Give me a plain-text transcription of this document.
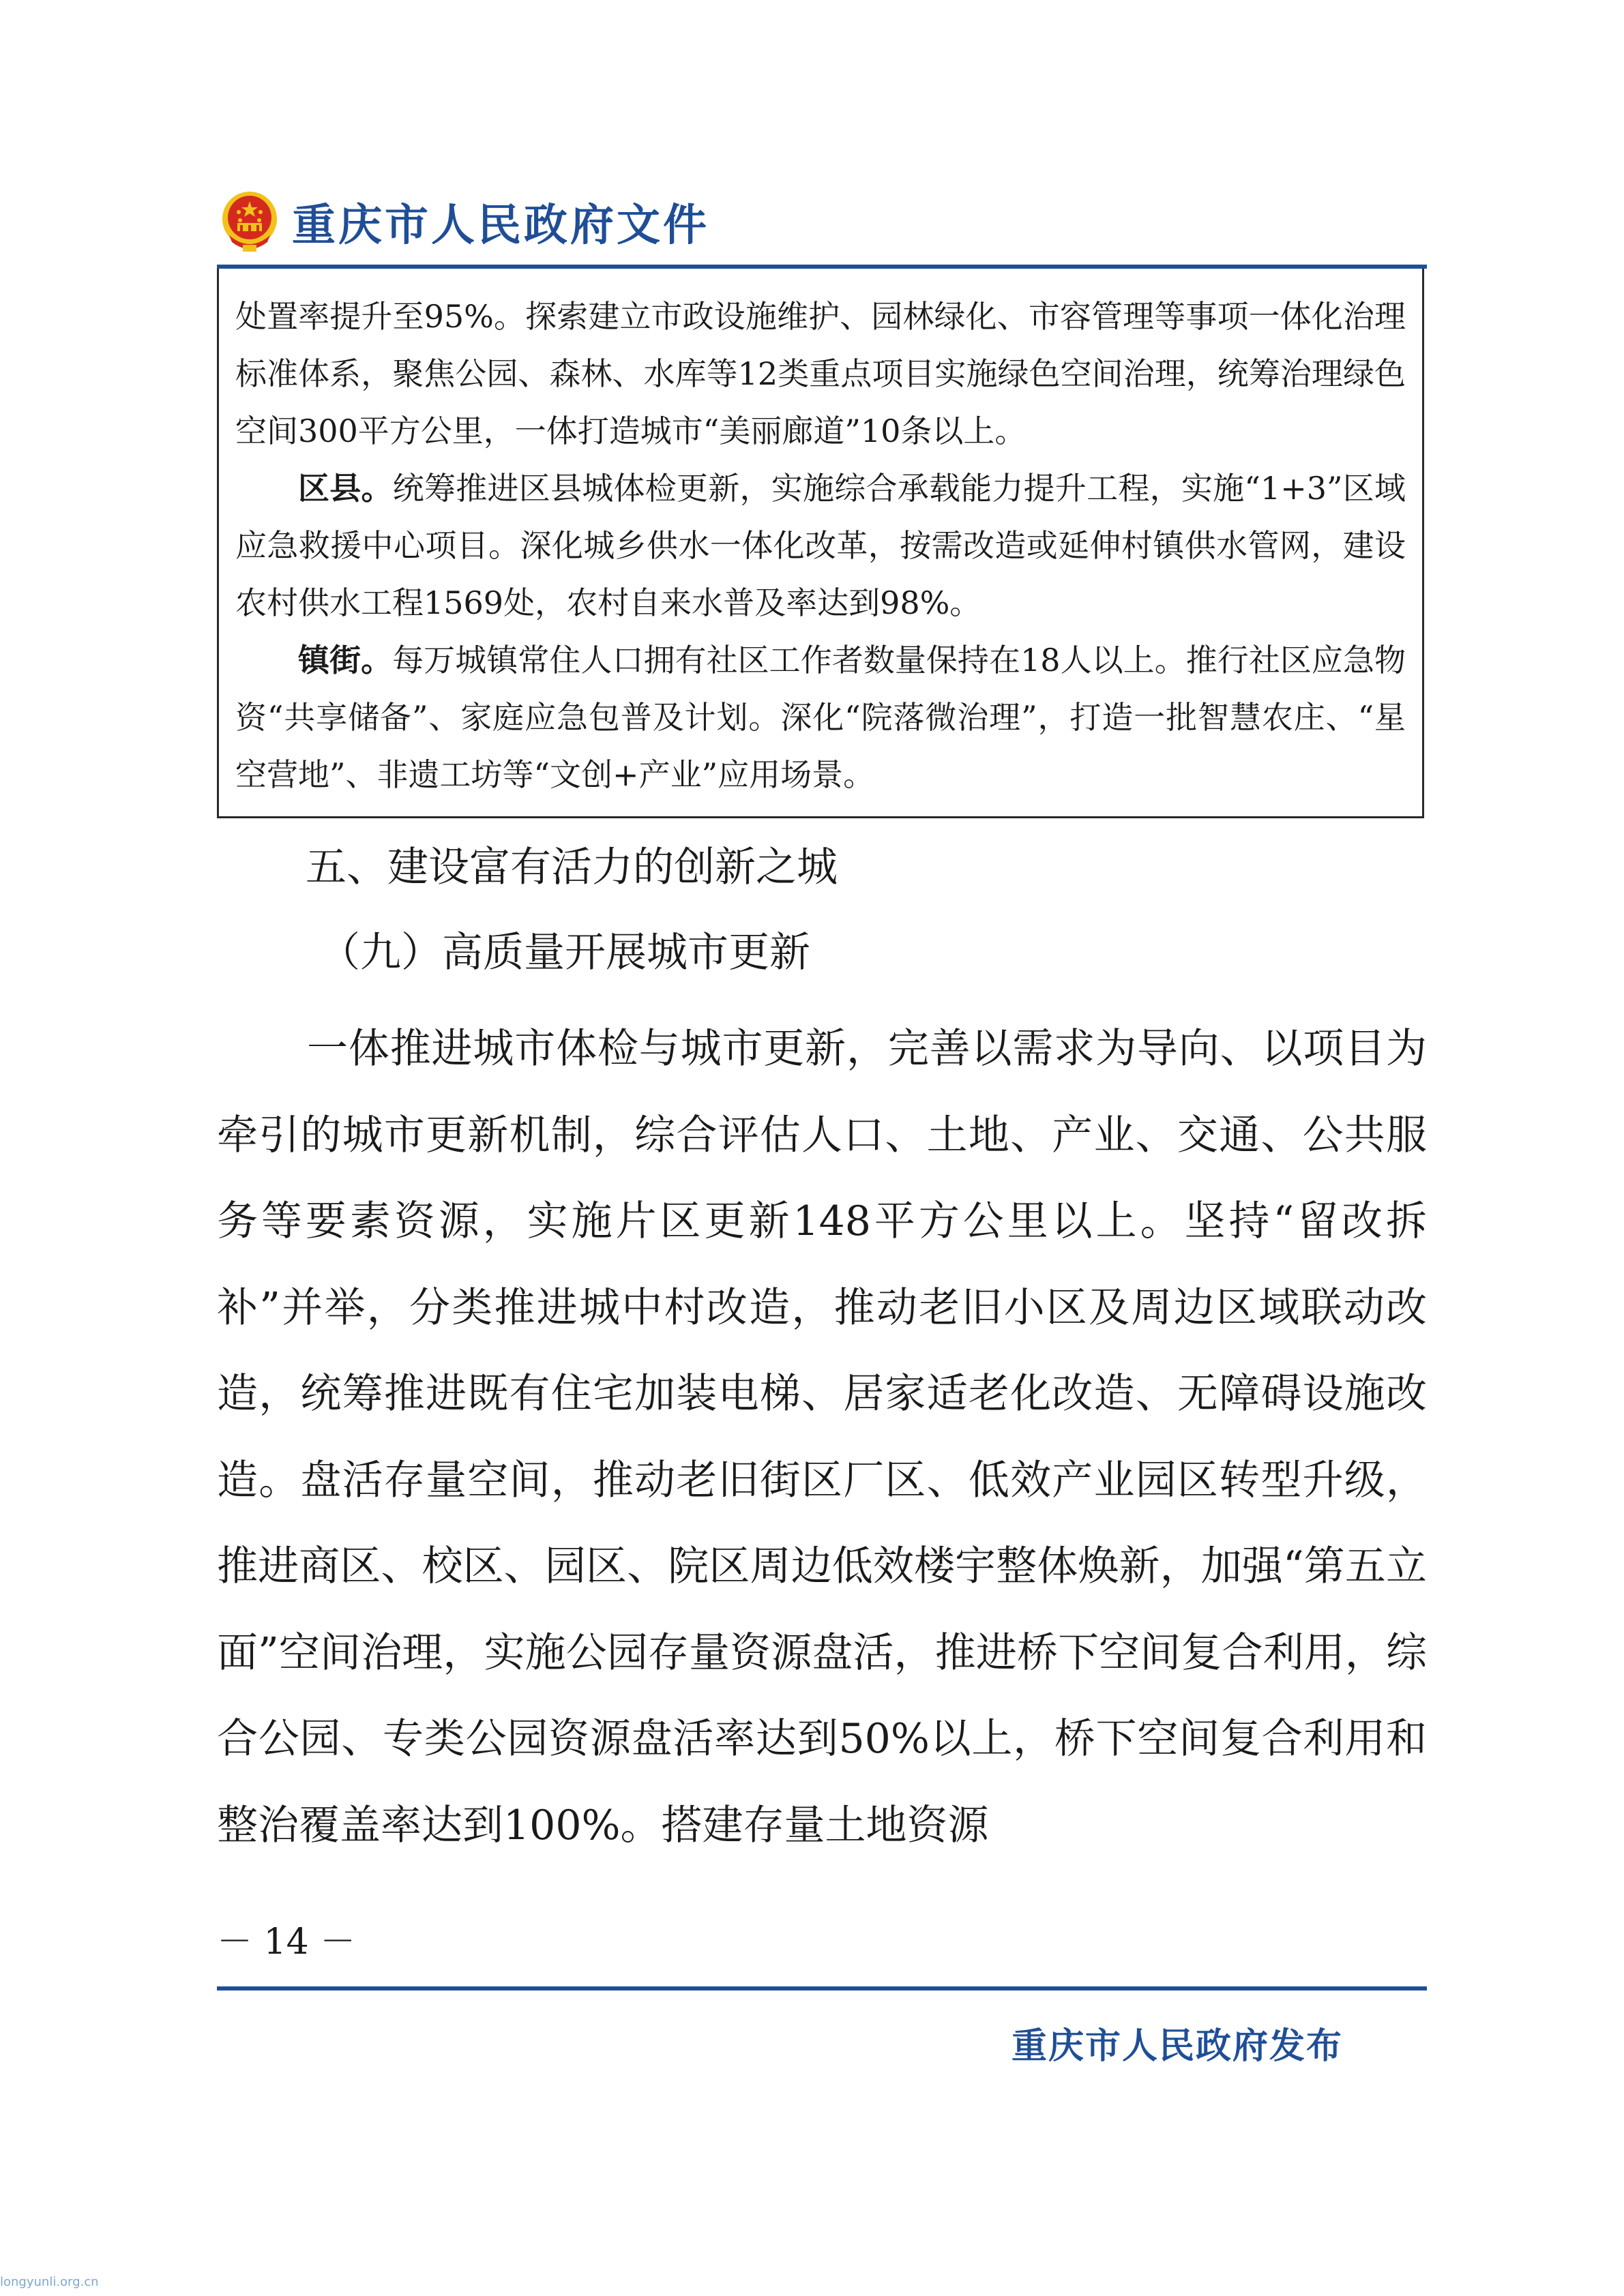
重庆市人民政府文件

处置率提升至95%。探索建立市政设施维护、园林绿化、市容管理等事项一体化治理标准体系，聚焦公园、森林、水库等12类重点项目实施绿色空间治理，统筹治理绿色空间300平方公里，一体打造城市“美丽廊道”10条以上。

区县。统筹推进区县城体检更新，实施综合承载能力提升工程，实施“1+3”区域应急救援中心项目。深化城乡供水一体化改革，按需改造或延伸村镇供水管网，建设农村供水工程1569处，农村自来水普及率达到98%。

镇街。每万城镇常住人口拥有社区工作者数量保持在18人以上。推行社区应急物资“共享储备”、家庭应急包普及计划。深化“院落微治理”，打造一批智慧农庄、“星空营地”、非遗工坊等“文创+产业”应用场景。

五、建设富有活力的创新之城
（九）高质量开展城市更新

一体推进城市体检与城市更新，完善以需求为导向、以项目为牵引的城市更新机制，综合评估人口、土地、产业、交通、公共服务等要素资源，实施片区更新148平方公里以上。坚持“留改拆补”并举，分类推进城中村改造，推动老旧小区及周边区域联动改造，统筹推进既有住宅加装电梯、居家适老化改造、无障碍设施改造。盘活存量空间，推动老旧街区厂区、低效产业园区转型升级，推进商区、校区、园区、院区周边低效楼宇整体焕新，加强“第五立面”空间治理，实施公园存量资源盘活，推进桥下空间复合利用，综合公园、专类公园资源盘活率达到50%以上，桥下空间复合利用和整治覆盖率达到100%。搭建存量土地资源

－ 14 －
重庆市人民政府发布
longyunli.org.cn
